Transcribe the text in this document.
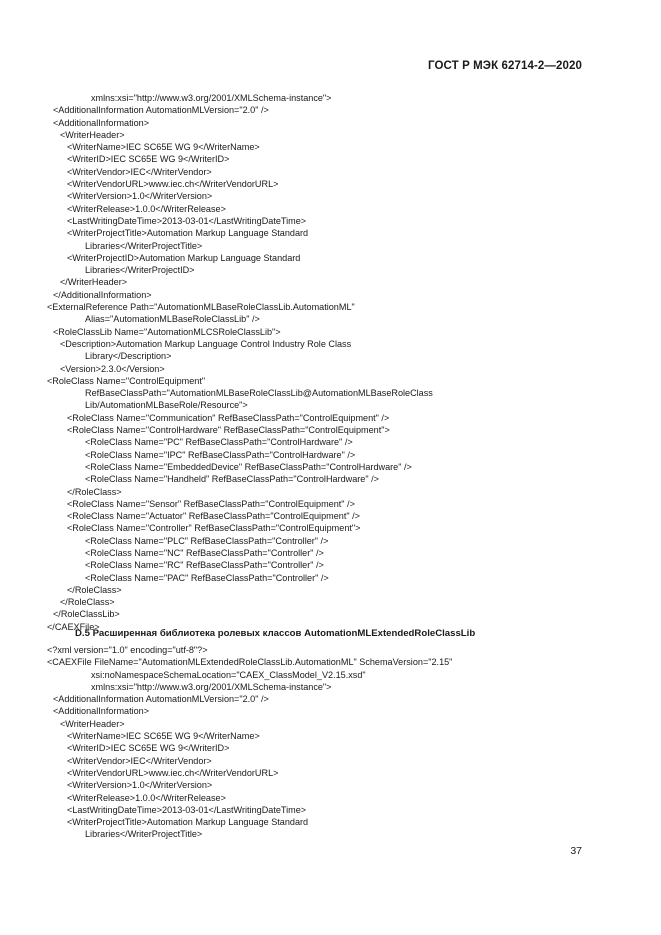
ГОСТ Р МЭК 62714-2—2020
xmlns:xsi="http://www.w3.org/2001/XMLSchema-instance">
<AdditionalInformation AutomationMLVersion="2.0" />
<AdditionalInformation>
<WriterHeader>
<WriterName>IEC SC65E WG 9</WriterName>
<WriterID>IEC SC65E WG 9</WriterID>
<WriterVendor>IEC</WriterVendor>
<WriterVendorURL>www.iec.ch</WriterVendorURL>
<WriterVersion>1.0</WriterVersion>
<WriterRelease>1.0.0</WriterRelease>
<LastWritingDateTime>2013-03-01</LastWritingDateTime>
<WriterProjectTitle>Automation Markup Language Standard
Libraries</WriterProjectTitle>
<WriterProjectID>Automation Markup Language Standard
Libraries</WriterProjectID>
</WriterHeader>
</AdditionalInformation>
<ExternalReference Path="AutomationMLBaseRoleClassLib.AutomationML"
Alias="AutomationMLBaseRoleClassLib" />
<RoleClassLib Name="AutomationMLCSRoleClassLib">
<Description>Automation Markup Language Control Industry Role Class
Library</Description>
<Version>2.3.0</Version>
<RoleClass Name="ControlEquipment"
RefBaseClassPath="AutomationMLBaseRoleClassLib@AutomationMLBaseRoleClass
Lib/AutomationMLBaseRole/Resource">
<RoleClass Name="Communication" RefBaseClassPath="ControlEquipment" />
<RoleClass Name="ControlHardware" RefBaseClassPath="ControlEquipment">
<RoleClass Name="PC" RefBaseClassPath="ControlHardware" />
<RoleClass Name="IPC" RefBaseClassPath="ControlHardware" />
<RoleClass Name="EmbeddedDevice" RefBaseClassPath="ControlHardware" />
<RoleClass Name="Handheld" RefBaseClassPath="ControlHardware" />
</RoleClass>
<RoleClass Name="Sensor" RefBaseClassPath="ControlEquipment" />
<RoleClass Name="Actuator" RefBaseClassPath="ControlEquipment" />
<RoleClass Name="Controller" RefBaseClassPath="ControlEquipment">
<RoleClass Name="PLC" RefBaseClassPath="Controller" />
<RoleClass Name="NC" RefBaseClassPath="Controller" />
<RoleClass Name="RC" RefBaseClassPath="Controller" />
<RoleClass Name="PAC" RefBaseClassPath="Controller" />
</RoleClass>
</RoleClass>
</RoleClassLib>
</CAEXFile>
D.5 Расширенная библиотека ролевых классов AutomationMLExtendedRoleClassLib
<?xml version="1.0" encoding="utf-8"?>
<CAEXFile FileName="AutomationMLExtendedRoleClassLib.AutomationML" SchemaVersion="2.15"
xsi:noNamespaceSchemaLocation="CAEX_ClassModel_V2.15.xsd"
xmlns:xsi="http://www.w3.org/2001/XMLSchema-instance">
<AdditionalInformation AutomationMLVersion="2.0" />
<AdditionalInformation>
<WriterHeader>
<WriterName>IEC SC65E WG 9</WriterName>
<WriterID>IEC SC65E WG 9</WriterID>
<WriterVendor>IEC</WriterVendor>
<WriterVendorURL>www.iec.ch</WriterVendorURL>
<WriterVersion>1.0</WriterVersion>
<WriterRelease>1.0.0</WriterRelease>
<LastWritingDateTime>2013-03-01</LastWritingDateTime>
<WriterProjectTitle>Automation Markup Language Standard
Libraries</WriterProjectTitle>
37
